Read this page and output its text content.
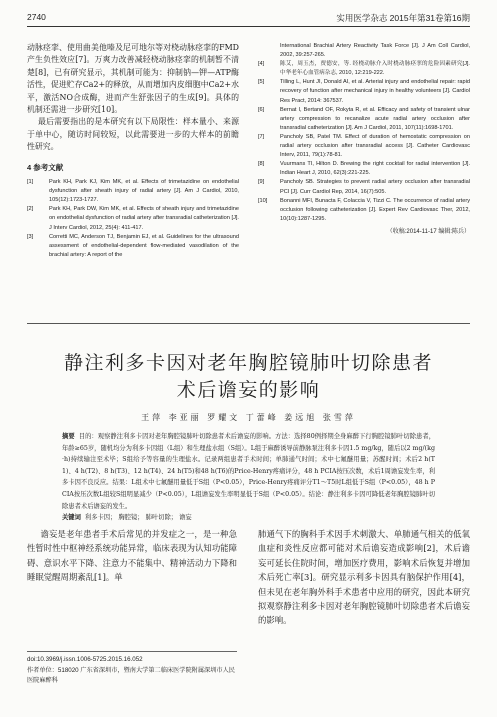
2740	实用医学杂志 2015年第31卷第16期

动脉痉挛、使用曲美他嗪及尼可地尔等对桡动脉痉挛的FMD产生负性效应[7]。万爽力改善减轻桡动脉痉挛的机制暂不清楚[8]，已有研究显示，其机制可能为：抑制钠—钾—ATP酶活性，促进贮存Ca2+的释放，从而增加内皮细胞中Ca2+水平，激活NO合成酶，进而产生舒张因子的生成[9]。具体的机制还需进一步研究[10]。

最后需要指出的是本研究有以下局限性：样本量小、来源于单中心，随访时间较短，以此需要进一步的大样本的前瞻性研究。

4 参考文献
[1]	Park KH, Park KJ, Kim MK, et al. Effects of trimetazidine on endothelial dysfunction after sheath injury of radial artery [J]. Am J Cardiol, 2010, 105(12):1723-1727.
[2]	Park KH, Park DW, Kim MK, et al. Effects of sheath injury and trimetazidine on endothelial dysfunction of radial artery after transradial catheterization [J]. J Interv Cardiol, 2012, 25(4): 411-417.
[3]	Corretti MC, Anderson TJ, Benjamin EJ, et al. Guidelines for the ultrasound assessment of endothelial-dependent flow-mediated vasodilation of the brachial artery: A report of the
International Brachial Artery Reactivity Task Force [J]. J Am Coll Cardiol, 2002, 39:257-265.
[4]	陈艾，周玉杰，贾德安，等. 经桡动脉介入时桡动脉痉挛的危险因素研究[J]. 中华老年心血管病杂志, 2010, 12:219-222.
[5]	Tilling L, Hunt JI, Donald AI, et al. Arterial injury and endothelial repair: rapid recovery of function after mechanical injury in healthy volunteers [J]. Cardiol Res Pract, 2014: 367537.
[6]	Bernat I, Bertand OF, Rokyta R, et al. Efficacy and safety of transient ulnar artery compression to recanalize acute radial artery occlusion after transradial catheterization [J]. Am J Cardiol, 2011, 107(11):1698-1701.
[7]	Pancholy SB, Patel TM. Effect of duration of hemostatic compression on radial artery occlusion after transradial access [J]. Catheter Cardiovasc Interv, 2011, 79(1):78-81.
[8]	Vuurmans TI, Hilton D. Brewing the right cocktail for radial intervention [J]. Indian Heart J, 2010, 62(3):221-225.
[9]	Pancholy SB. Strategies to prevent radial artery occlusion after transradial PCI [J]. Curr Cardiol Rep, 2014, 16(7):505.
[10]	Bonanni MFI, Bunacta F, Colaccia V, Tizzi C. The occurrence of radial artery occlusion following catheterization [J]. Expert Rev Cardiovasc Ther, 2012, 10(10):1287-1295.
（收稿:2014-11-17 编辑:陈兵）
静注利多卡因对老年胸腔镜肺叶切除患者
术后谵妄的影响
王萍 李亚丽 罗耀文 丁蕾峰 姜远旭 张雪萍
摘要 目的：观察静注利多卡因对老年胸腔镜肺叶切除患者术后谵妄的影响。方法：选择80例择期全身麻醉下行胸腔镜肺叶切除患者，年龄≥65岁，随机均分为利多卡因组（L组）和生理盐水组（S组）。L组于麻醉诱导前静脉泵注利多卡因1.5 mg/kg，随后以2 mg/(kg·h)持续输注至术毕；S组给予等容量的生理盐水。记录两组患者手术时间；单肺通气时间；术中七氟醚用量；苏醒时间；术后2 h(T1)、4 h(T2)、8 h(T3)、12 h(T4)、24 h(T5)和48 h(T6)的Price-Henry疼痛评分，48 h PCIA按压次数，术后1周谵妄发生率，利多卡因不良反应。结果：L组术中七氟醚用量低于S组（P<0.05），Price-Henry疼痛评分T1～T5时L组低于S组（P<0.05），48 h PCIA按压次数L组较S组明显减少（P<0.05），L组谵妄发生率明显低于S组（P<0.05）。结论：静注利多卡因可降低老年胸腔镜肺叶切除患者术后谵妄的发生。
关键词 利多卡因； 胸腔镜； 肺叶切除； 谵妄

谵妄是老年患者手术后常见的并发症之一，是一种急性暂时性中枢神经系统功能异常，临床表现为认知功能障碍、意识水平下降、注意力不能集中、精神活动力下降和睡眠觉醒周期紊乱[1]。单

肺通气下的胸科手术因手术刺激大、单肺通气相关的低氧血症和炎性反应都可能对术后谵妄造成影响[2]，术后谵妄可延长住院时间，增加医疗费用，影响术后恢复并增加术后死亡率[3]。研究显示利多卡因具有脑保护作用[4]，但未见在老年胸外科手术患者中应用的研究，因此本研究拟观察静注利多卡因对老年胸腔镜肺叶切除患者术后谵妄的影响。

doi:10.3969/j.issn.1006-5725.2015.16.052
作者单位：518020 广东省深圳市，暨南大学第二临床医学院附属深圳市人民医院麻醉科
